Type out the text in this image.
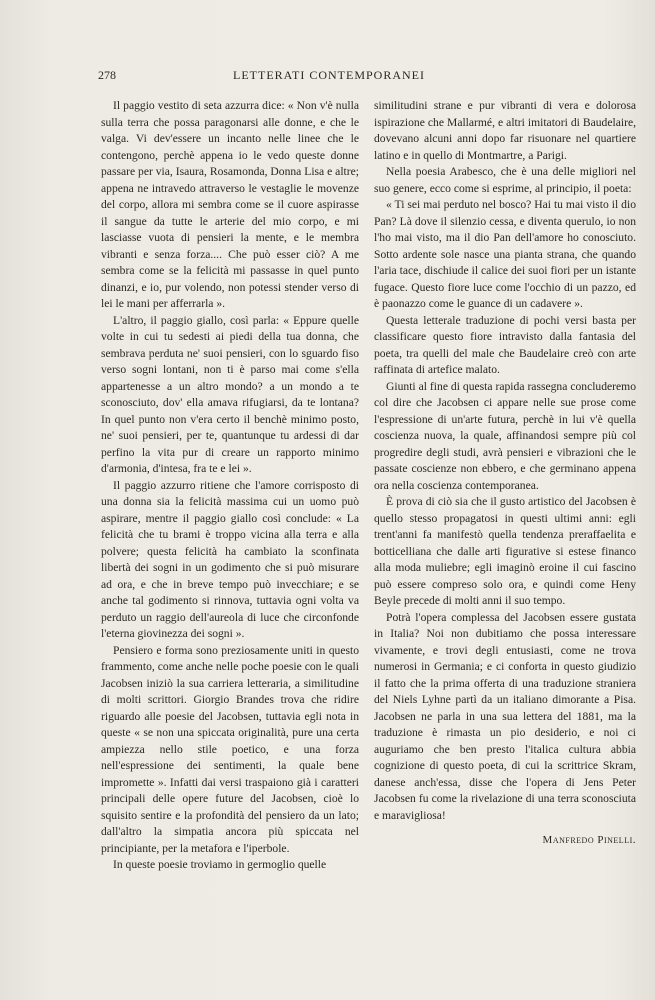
278	LETTERATI CONTEMPORANEI

Il paggio vestito di seta azzurra dice: « Non v'è nulla sulla terra che possa paragonarsi alle donne, e che le valga. Vi dev'essere un incanto nelle linee che le contengono, perchè appena io le vedo queste donne passare per via, Isaura, Rosamonda, Donna Lisa e altre; appena ne intravedo attraverso le vestaglie le movenze del corpo, allora mi sembra come se il cuore aspirasse il sangue da tutte le arterie del mio corpo, e mi lasciasse vuota di pensieri la mente, e le membra vibranti e senza forza.... Che può esser ciò? A me sembra come se la felicità mi passasse in quel punto dinanzi, e io, pur volendo, non potessi stender verso di lei le mani per afferrarla ».

L'altro, il paggio giallo, così parla: « Eppure quelle volte in cui tu sedesti ai piedi della tua donna, che sembrava perduta ne' suoi pensieri, con lo sguardo fiso verso sogni lontani, non ti è parso mai come s'ella appartenesse a un altro mondo? a un mondo a te sconosciuto, dov' ella amava rifugiarsi, da te lontana? In quel punto non v'era certo il benchè minimo posto, ne' suoi pensieri, per te, quantunque tu ardessi di dar perfino la vita pur di creare un rapporto minimo d'armonia, d'intesa, fra te e lei ».

Il paggio azzurro ritiene che l'amore corrisposto di una donna sia la felicità massima cui un uomo può aspirare, mentre il paggio giallo così conclude: « La felicità che tu brami è troppo vicina alla terra e alla polvere; questa felicità ha cambiato la sconfinata libertà dei sogni in un godimento che si può misurare ad ora, e che in breve tempo può invecchiare; e se anche tal godimento si rinnova, tuttavia ogni volta va perduto un raggio dell'aureola di luce che circonfonde l'eterna giovinezza dei sogni ».

Pensiero e forma sono preziosamente uniti in questo frammento, come anche nelle poche poesie con le quali Jacobsen iniziò la sua carriera letteraria, a similitudine di molti scrittori. Giorgio Brandes trova che ridire riguardo alle poesie del Jacobsen, tuttavia egli nota in queste « se non una spiccata originalità, pure una certa ampiezza nello stile poetico, e una forza nell'espressione dei sentimenti, la quale bene impromette ». Infatti dai versi traspaiono già i caratteri principali delle opere future del Jacobsen, cioè lo squisito sentire e la profondità del pensiero da un lato; dall'altro la simpatia ancora più spiccata nel principiante, per la metafora e l'iperbole.

In queste poesie troviamo in germoglio quelle

similitudini strane e pur vibranti di vera e dolorosa ispirazione che Mallarmé, e altri imitatori di Baudelaire, dovevano alcuni anni dopo far risuonare nel quartiere latino e in quello di Montmartre, a Parigi.

Nella poesia Arabesco, che è una delle migliori nel suo genere, ecco come si esprime, al principio, il poeta:

« Ti sei mai perduto nel bosco? Hai tu mai visto il dio Pan? Là dove il silenzio cessa, e diventa querulo, io non l'ho mai visto, ma il dio Pan dell'amore ho conosciuto. Sotto ardente sole nasce una pianta strana, che quando l'aria tace, dischiude il calice dei suoi fiori per un istante fugace. Questo fiore luce come l'occhio di un pazzo, ed è paonazzo come le guance di un cadavere ».

Questa letterale traduzione di pochi versi basta per classificare questo fiore intravisto dalla fantasia del poeta, tra quelli del male che Baudelaire creò con arte raffinata di artefice malato.

Giunti al fine di questa rapida rassegna concluderemo col dire che Jacobsen ci appare nelle sue prose come l'espressione di un'arte futura, perchè in lui v'è quella coscienza nuova, la quale, affinandosi sempre più col progredire degli studi, avrà pensieri e vibrazioni che le passate coscienze non ebbero, e che germinano appena ora nella coscienza contemporanea.

È prova di ciò sia che il gusto artistico del Jacobsen è quello stesso propagatosi in questi ultimi anni: egli trent'anni fa manifestò quella tendenza preraffaelita e botticelliana che dalle arti figurative si estese financo alla moda muliebre; egli imaginò eroine il cui fascino può essere compreso solo ora, e quindi come Heny Beyle precede di molti anni il suo tempo.

Potrà l'opera complessa del Jacobsen essere gustata in Italia? Noi non dubitiamo che possa interessare vivamente, e trovi degli entusiasti, come ne trova numerosi in Germania; e ci conforta in questo giudizio il fatto che la prima offerta di una traduzione straniera del Niels Lyhne partì da un italiano dimorante a Pisa. Jacobsen ne parla in una sua lettera del 1881, ma la traduzione è rimasta un pio desiderio, e noi ci auguriamo che ben presto l'italica cultura abbia cognizione di questo poeta, di cui la scrittrice Skram, danese anch'essa, disse che l'opera di Jens Peter Jacobsen fu come la rivelazione di una terra sconosciuta e maravigliosa!

Manfredo Pinelli.
